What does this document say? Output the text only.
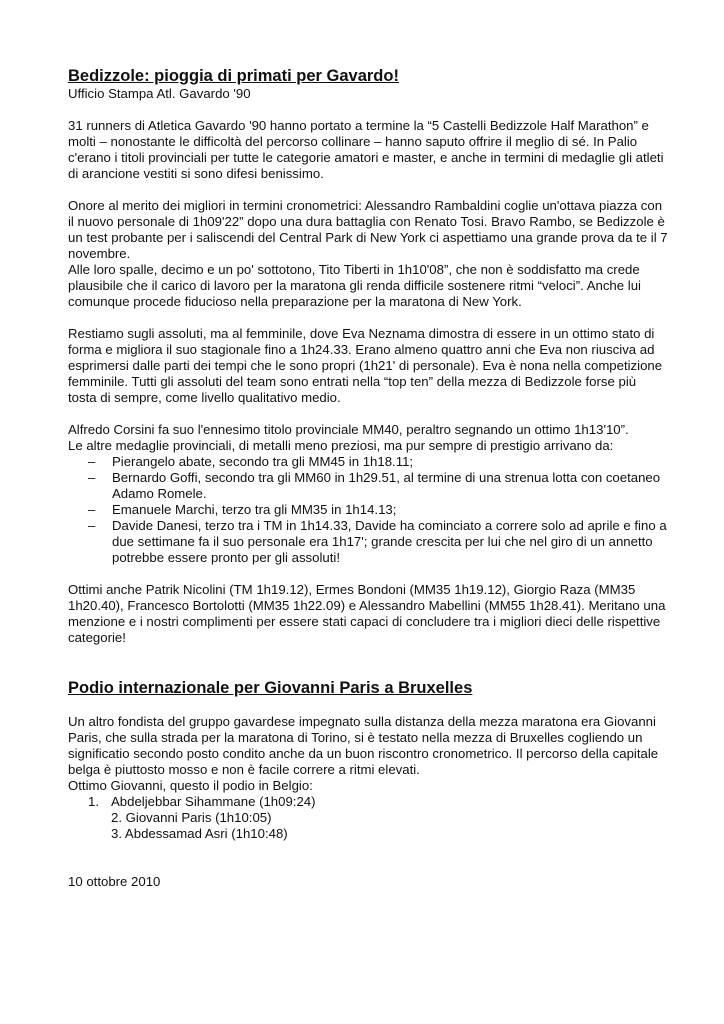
Bedizzole: pioggia di primati per Gavardo!

Ufficio Stampa Atl. Gavardo '90

31 runners di Atletica Gavardo '90 hanno portato a termine la “5 Castelli Bedizzole Half Marathon” e molti – nonostante le difficoltà del percorso collinare – hanno saputo offrire il meglio di sé. In Palio c'erano i titoli provinciali per tutte le categorie amatori e master, e anche in termini di medaglie gli atleti di arancione vestiti si sono difesi benissimo.

Onore al merito dei migliori in termini cronometrici: Alessandro Rambaldini coglie un'ottava piazza con il nuovo personale di 1h09'22” dopo una dura battaglia con Renato Tosi. Bravo Rambo, se Bedizzole è un test probante per i saliscendi del Central Park di New York ci aspettiamo una grande prova da te il 7 novembre.

Alle loro spalle, decimo e un po' sottotono, Tito Tiberti in 1h10'08”, che non è soddisfatto ma crede plausibile che il carico di lavoro per la maratona gli renda difficile sostenere ritmi “veloci”. Anche lui comunque procede fiducioso nella preparazione per la maratona di New York.

Restiamo sugli assoluti, ma al femminile, dove Eva Neznama dimostra di essere in un ottimo stato di forma e migliora il suo stagionale fino a 1h24.33. Erano almeno quattro anni che Eva non riusciva ad esprimersi dalle parti dei tempi che le sono propri (1h21' di personale). Eva è nona nella competizione femminile. Tutti gli assoluti del team sono entrati nella “top ten” della mezza di Bedizzole forse più tosta di sempre, come livello qualitativo medio.

Alfredo Corsini fa suo l'ennesimo titolo provinciale MM40, peraltro segnando un ottimo 1h13'10”.

Le altre medaglie provinciali, di metalli meno preziosi, ma pur sempre di prestigio arrivano da:

– Pierangelo abate, secondo tra gli MM45 in 1h18.11;
– Bernardo Goffi, secondo tra gli MM60 in 1h29.51, al termine di una strenua lotta con coetaneo Adamo Romele.
– Emanuele Marchi, terzo tra gli MM35 in 1h14.13;
– Davide Danesi, terzo tra i TM in 1h14.33, Davide ha cominciato a correre solo ad aprile e fino a due settimane fa il suo personale era 1h17'; grande crescita per lui che nel giro di un annetto potrebbe essere pronto per gli assoluti!

Ottimi anche Patrik Nicolini (TM 1h19.12), Ermes Bondoni (MM35 1h19.12), Giorgio Raza (MM35 1h20.40), Francesco Bortolotti (MM35 1h22.09) e Alessandro Mabellini (MM55 1h28.41). Meritano una menzione e i nostri complimenti per essere stati capaci di concludere tra i migliori dieci delle rispettive categorie!

Podio internazionale per Giovanni Paris a Bruxelles

Un altro fondista del gruppo gavardese impegnato sulla distanza della mezza maratona era Giovanni Paris, che sulla strada per la maratona di Torino, si è testato nella mezza di Bruxelles cogliendo un significatio secondo posto condito anche da un buon riscontro cronometrico. Il percorso della capitale belga è piuttosto mosso e non è facile correre a ritmi elevati.

Ottimo Giovanni, questo il podio in Belgio:

1. Abdeljebbar Sihammane (1h09:24)
2. Giovanni Paris (1h10:05)
3. Abdessamad Asri (1h10:48)

10 ottobre 2010
